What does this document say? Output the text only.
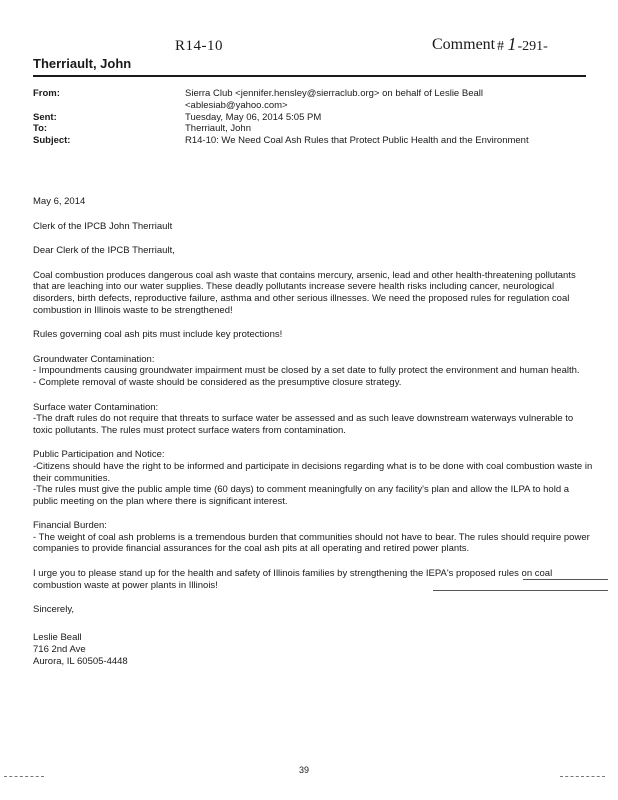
R14-10	Comment # 1-291-
Therriault, John
From:	Sierra Club <jennifer.hensley@sierraclub.org> on behalf of Leslie Beall
<ablesiab@yahoo.com>
Sent:	Tuesday, May 06, 2014 5:05 PM
To:	Therriault, John
Subject:	R14-10: We Need Coal Ash Rules that Protect Public Health and the Environment

May 6, 2014

Clerk of the IPCB John Therriault

Dear Clerk of the IPCB Therriault,

Coal combustion produces dangerous coal ash waste that contains mercury, arsenic, lead and other health-threatening pollutants that are leaching into our water supplies. These deadly pollutants increase severe health risks including cancer, neurological disorders, birth defects, reproductive failure, asthma and other serious illnesses. We need the proposed rules for regulation coal combustion in Illinois waste to be strengthened!

Rules governing coal ash pits must include key protections!

Groundwater Contamination:

- Impoundments causing groundwater impairment must be closed by a set date to fully protect the environment and human health.

- Complete removal of waste should be considered as the presumptive closure strategy.

Surface water Contamination:

-The draft rules do not require that threats to surface water be assessed and as such leave downstream waterways vulnerable to toxic pollutants. The rules must protect surface waters from contamination.

Public Participation and Notice:

-Citizens should have the right to be informed and participate in decisions regarding what is to be done with coal combustion waste in their communities.

-The rules must give the public ample time (60 days) to comment meaningfully on any facility's plan and allow the ILPA to hold a public meeting on the plan where there is significant interest.

Financial Burden:

- The weight of coal ash problems is a tremendous burden that communities should not have to bear. The rules should require power companies to provide financial assurances for the coal ash pits at all operating and retired power plants.

I urge you to please stand up for the health and safety of Illinois families by strengthening the IEPA's proposed rules on coal combustion waste at power plants in Illinois!

Sincerely,

Leslie Beall

716 2nd Ave

Aurora, IL 60505-4448

39
